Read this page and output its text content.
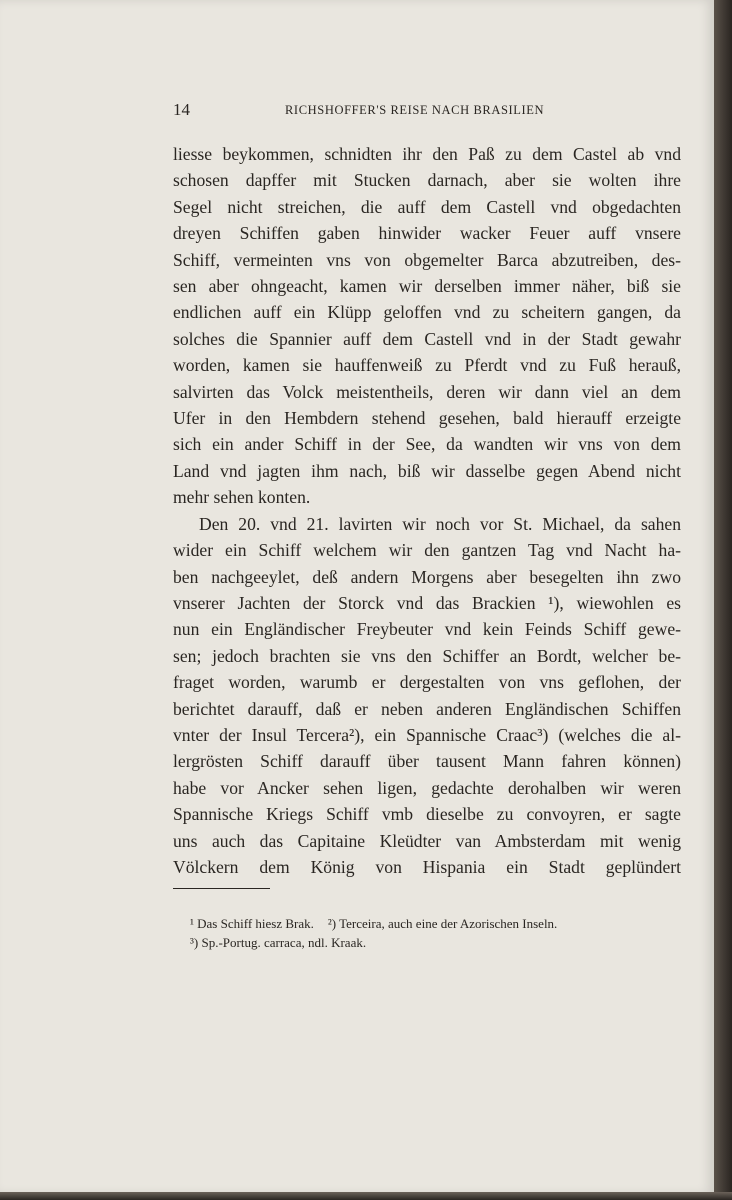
14	RICHSHOFFER'S REISE NACH BRASILIEN
liesse beykommen, schnidten ihr den Paß zu dem Castel ab vnd
schosen dapffer mit Stucken darnach, aber sie wolten ihre
Segel nicht streichen, die auff dem Castell vnd obgedachten
dreyen Schiffen gaben hinwider wacker Feuer auff vnsere
Schiff, vermeinten vns von obgemelter Barca abzutreiben, des-
sen aber ohngeacht, kamen wir derselben immer näher, biß sie
endlichen auff ein Klüpp geloffen vnd zu scheitern gangen, da
solches die Spannier auff dem Castell vnd in der Stadt gewahr
worden, kamen sie hauffenweiß zu Pferdt vnd zu Fuß herauß,
salvirten das Volck meistentheils, deren wir dann viel an dem
Ufer in den Hembdern stehend gesehen, bald hierauff erzeigte
sich ein ander Schiff in der See, da wandten wir vns von dem
Land vnd jagten ihm nach, biß wir dasselbe gegen Abend nicht
mehr sehen konten.
Den 20. vnd 21. lavirten wir noch vor St. Michael, da sahen
wider ein Schiff welchem wir den gantzen Tag vnd Nacht ha-
ben nachgeeylet, deß andern Morgens aber besegelten ihn zwo
vnserer Jachten der Storck vnd das Brackien ¹), wiewohlen es
nun ein Engländischer Freybeuter vnd kein Feinds Schiff gewe-
sen; jedoch brachten sie vns den Schiffer an Bordt, welcher be-
fraget worden, warumb er dergestalten von vns geflohen, der
berichtet darauff, daß er neben anderen Engländischen Schiffen
vnter der Insul Tercera²), ein Spannische Craac³) (welches die al-
lergrösten Schiff darauff über tausent Mann fahren können)
habe vor Ancker sehen ligen, gedachte derohalben wir weren
Spannische Kriegs Schiff vmb dieselbe zu convoyren, er sagte
uns auch das Capitaine Kleüdter van Ambsterdam mit wenig
Völckern dem König von Hispania ein Stadt geplündert
¹ Das Schiff hiesz Brak. ²) Terceira, auch eine der Azorischen Inseln.
³) Sp.-Portug. carraca, ndl. Kraak.
